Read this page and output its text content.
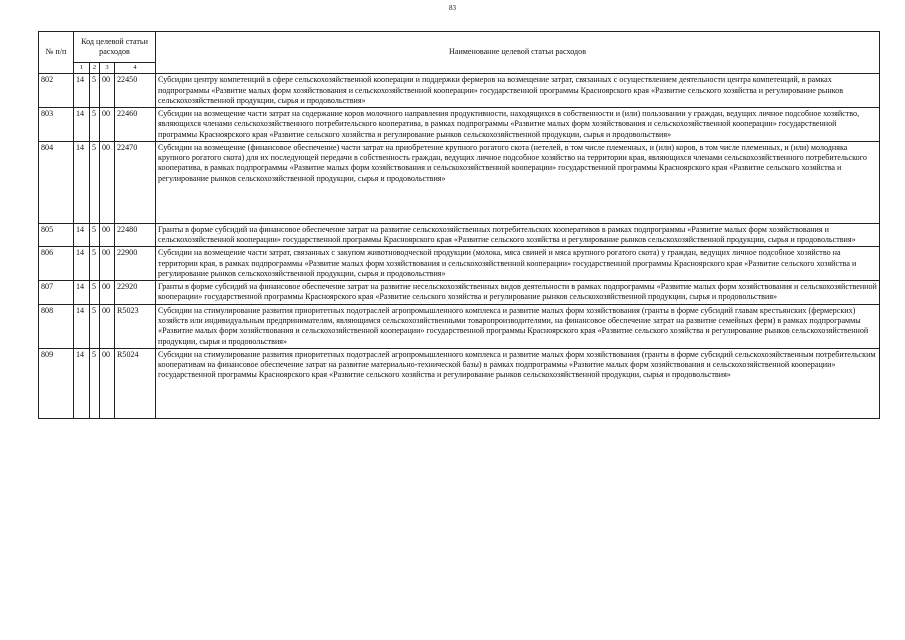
83
№ п/п	Код целевой статьи расходов				Наименование целевой статьи расходов
	1	2	3	4	
802	14	5	00	22450	Субсидии центру компетенций в сфере сельскохозяйственной кооперации и поддержки фермеров на возмещение затрат, связанных с осуществлением деятельности центра компетенций, в рамках подпрограммы «Развитие малых форм хозяйствования и сельскохозяйственной кооперации» государственной программы Красноярского края «Развитие сельского хозяйства и регулирование рынков сельскохозяйственной продукции, сырья и продовольствия»
803	14	5	00	22460	Субсидии на возмещение части затрат на содержание коров молочного направления продуктивности, находящихся в собственности и (или) пользовании у граждан, ведущих личное подсобное хозяйство, являющихся членами сельскохозяйственного потребительского кооператива, в рамках подпрограммы «Развитие малых форм хозяйствования и сельскохозяйственной кооперации» государственной программы Красноярского края «Развитие сельского хозяйства и регулирование рынков сельскохозяйственной продукции, сырья и продовольствия»
804	14	5	00	22470	Субсидии на возмещение (финансовое обеспечение) части затрат на приобретение крупного рогатого скота (нетелей, в том числе племенных, и (или) коров, в том числе племенных, и (или) молодняка крупного рогатого скота) для их последующей передачи в собственность граждан, ведущих личное подсобное хозяйство на территории края, являющихся членами сельскохозяйственного потребительского кооператива, в рамках подпрограммы «Развитие малых форм хозяйствования и сельскохозяйственной кооперации» государственной программы Красноярского края «Развитие сельского хозяйства и регулирование рынков сельскохозяйственной продукции, сырья и продовольствия»
805	14	5	00	22480	Гранты в форме субсидий на финансовое обеспечение затрат на развитие сельскохозяйственных потребительских кооперативов в рамках подпрограммы «Развитие малых форм хозяйствования и сельскохозяйственной кооперации» государственной программы Красноярского края «Развитие сельского хозяйства и регулирование рынков сельскохозяйственной продукции, сырья и продовольствия»
806	14	5	00	22900	Субсидии на возмещение части затрат, связанных с закупом животноводческой продукции (молока, мяса свиней и мяса крупного рогатого скота) у граждан, ведущих личное подсобное хозяйство на территории края, в рамках подпрограммы «Развитие малых форм хозяйствования и сельскохозяйственной кооперации» государственной программы Красноярского края «Развитие сельского хозяйства и регулирование рынков сельскохозяйственной продукции, сырья и продовольствия»
807	14	5	00	22920	Гранты в форме субсидий на финансовое обеспечение затрат на развитие несельскохозяйственных видов деятельности в рамках подпрограммы «Развитие малых форм хозяйствования и сельскохозяйственной кооперации» государственной программы Красноярского края «Развитие сельского хозяйства и регулирование рынков сельскохозяйственной продукции, сырья и продовольствия»
808	14	5	00	R5023	Субсидии на стимулирование развития приоритетных подотраслей агропромышленного комплекса и развитие малых форм хозяйствования (гранты в форме субсидий главам крестьянских (фермерских) хозяйств или индивидуальным предпринимателям, являющимся сельскохозяйственными товаропроизводителями, на финансовое обеспечение затрат на развитие семейных ферм) в рамках подпрограммы «Развитие малых форм хозяйствования и сельскохозяйственной кооперации» государственной программы Красноярского края «Развитие сельского хозяйства и регулирование рынков сельскохозяйственной продукции, сырья и продовольствия»
809	14	5	00	R5024	Субсидии на стимулирование развития приоритетных подотраслей агропромышленного комплекса и развитие малых форм хозяйствования (гранты в форме субсидий сельскохозяйственным потребительским кооперативам на финансовое обеспечение затрат на развитие материально-технической базы) в рамках подпрограммы «Развитие малых форм хозяйствования и сельскохозяйственной кооперации» государственной программы Красноярского края «Развитие сельского хозяйства и регулирование рынков сельскохозяйственной продукции, сырья и продовольствия»
